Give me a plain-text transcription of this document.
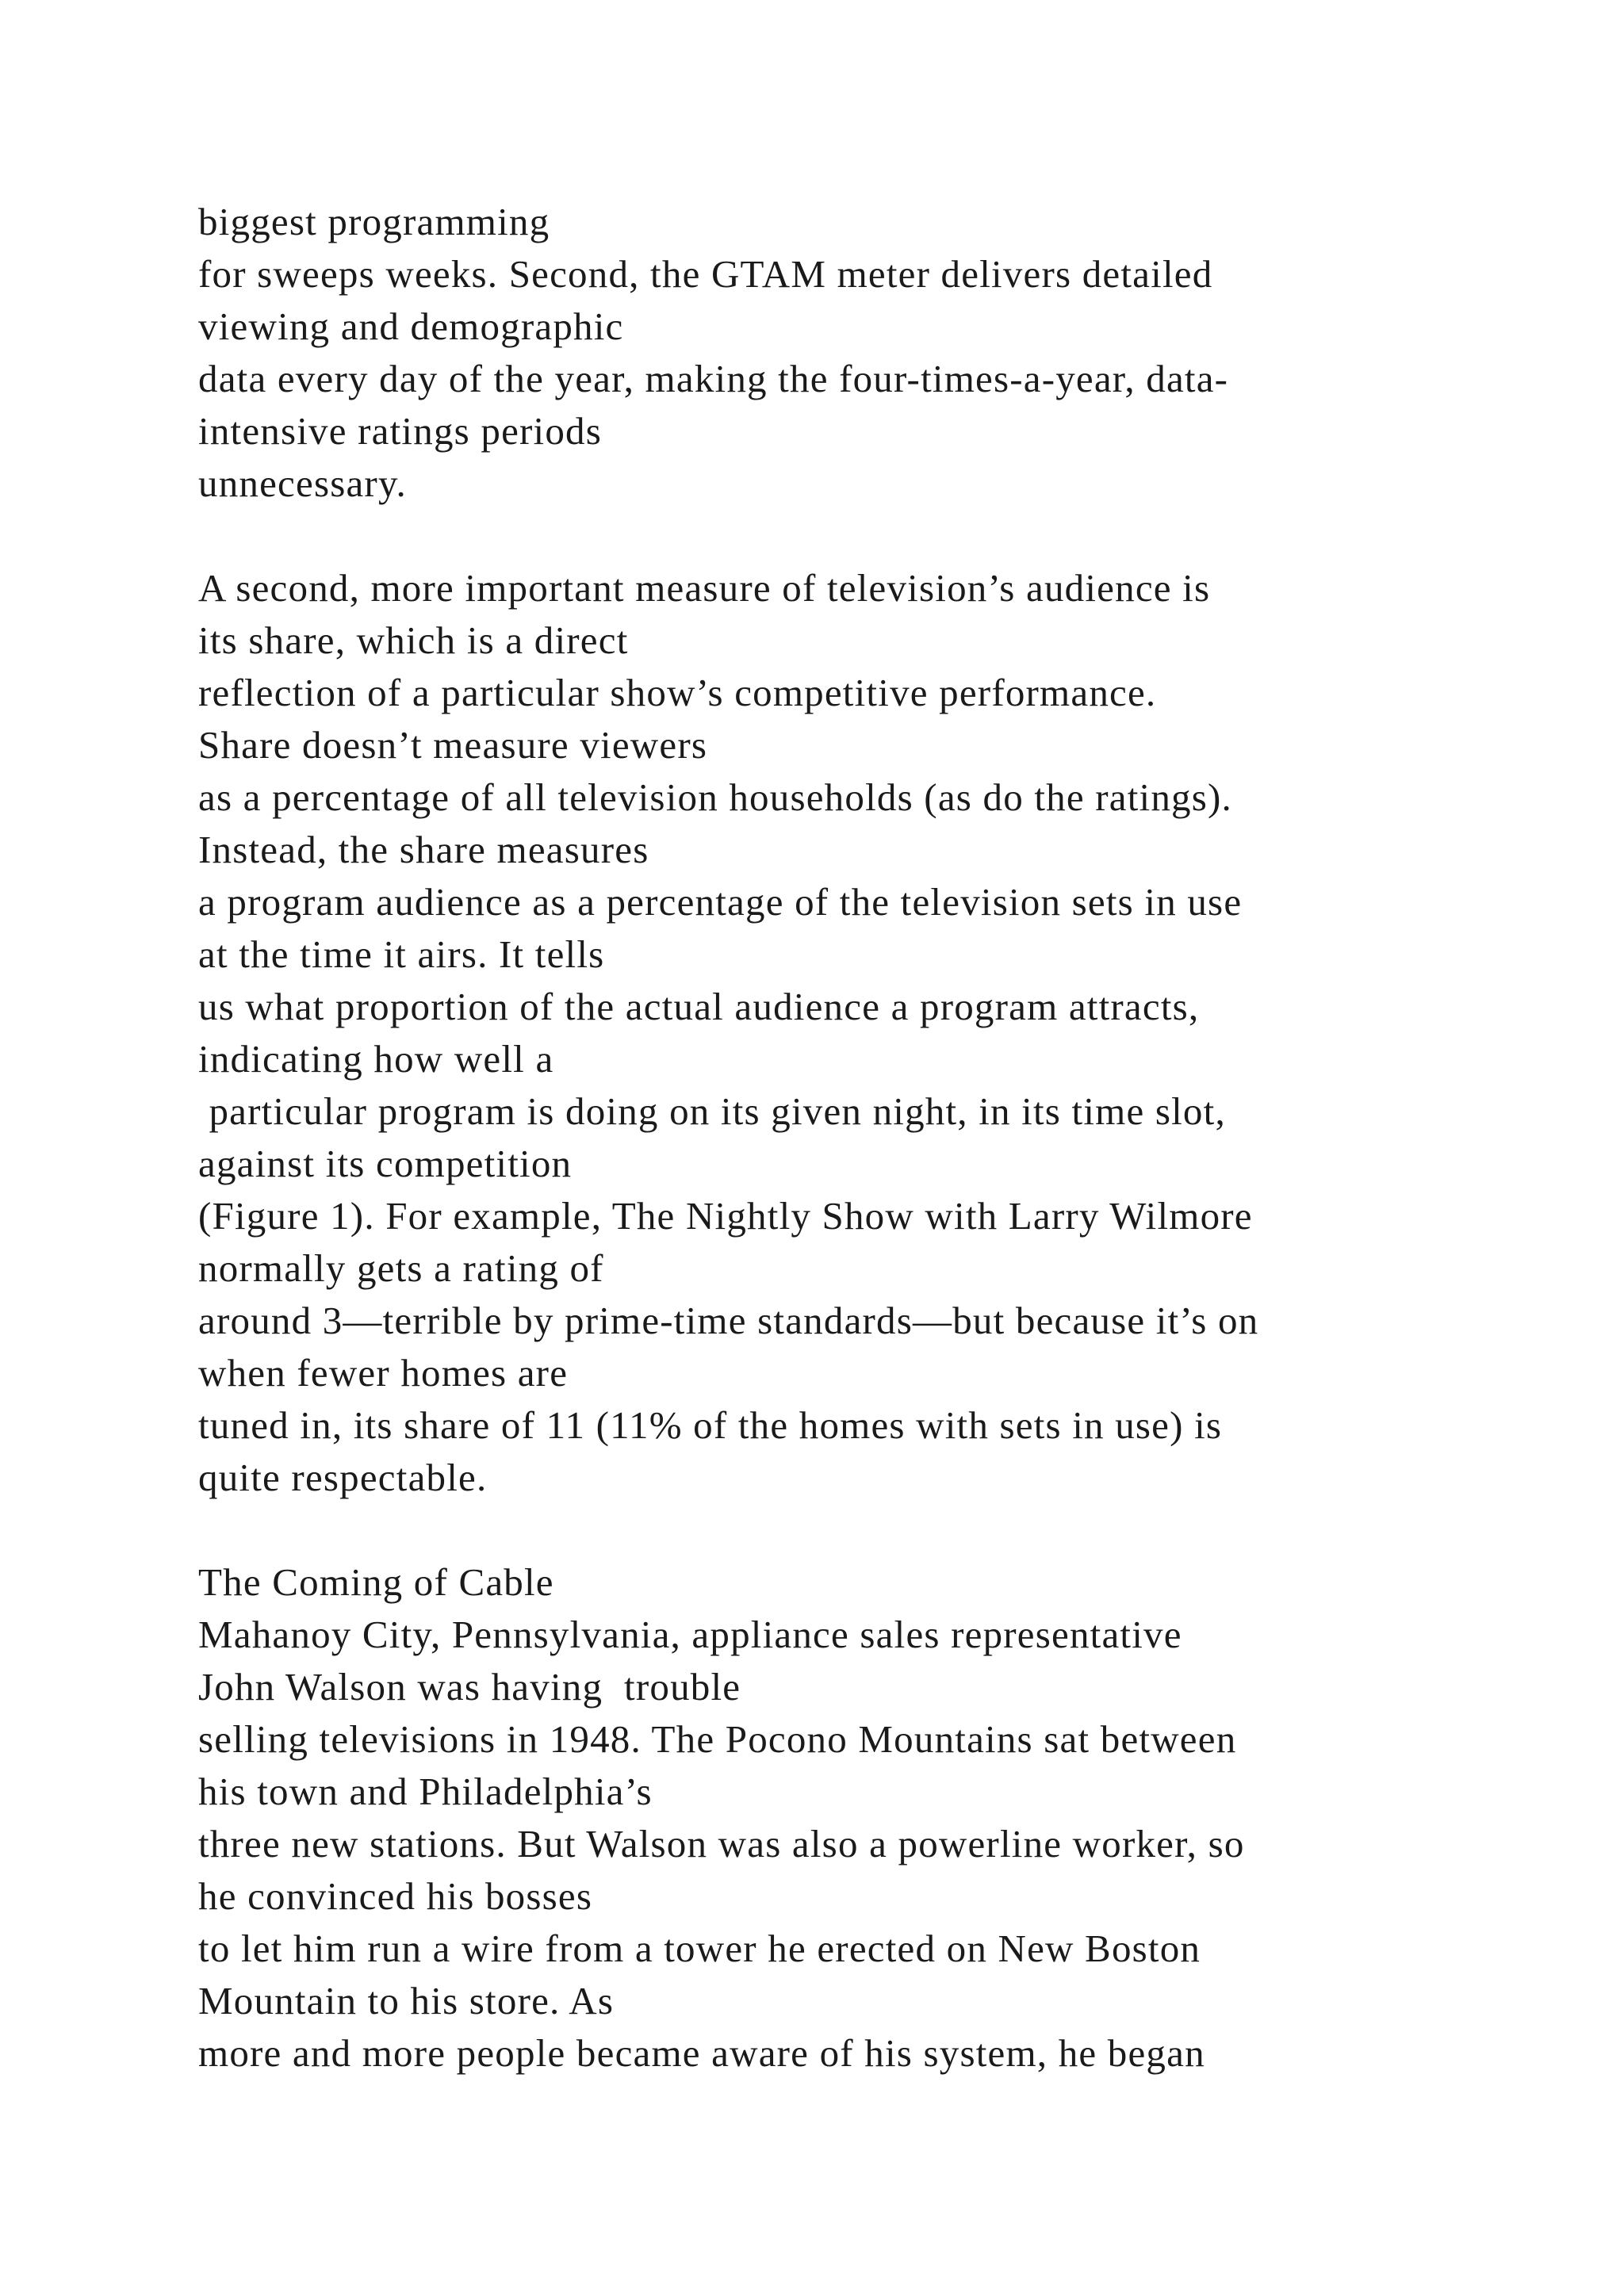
biggest programming
for sweeps weeks. Second, the GTAM meter delivers detailed
viewing and demographic
data every day of the year, making the four-times-a-year, data-
intensive ratings periods
unnecessary.
A second, more important measure of television’s audience is
its share, which is a direct
reflection of a particular show’s competitive performance.
Share doesn’t measure viewers
as a percentage of all television households (as do the ratings).
Instead, the share measures
a program audience as a percentage of the television sets in use
at the time it airs. It tells
us what proportion of the actual audience a program attracts,
indicating how well a
particular program is doing on its given night, in its time slot,
against its competition
(Figure 1). For example, The Nightly Show with Larry Wilmore
normally gets a rating of
around 3—terrible by prime-time standards—but because it’s on
when fewer homes are
tuned in, its share of 11 (11% of the homes with sets in use) is
quite respectable.
The Coming of Cable
Mahanoy City, Pennsylvania, appliance sales representative
John Walson was having  trouble
selling televisions in 1948. The Pocono Mountains sat between
his town and Philadelphia’s
three new stations. But Walson was also a powerline worker, so
he convinced his bosses
to let him run a wire from a tower he erected on New Boston
Mountain to his store. As
more and more people became aware of his system, he began
